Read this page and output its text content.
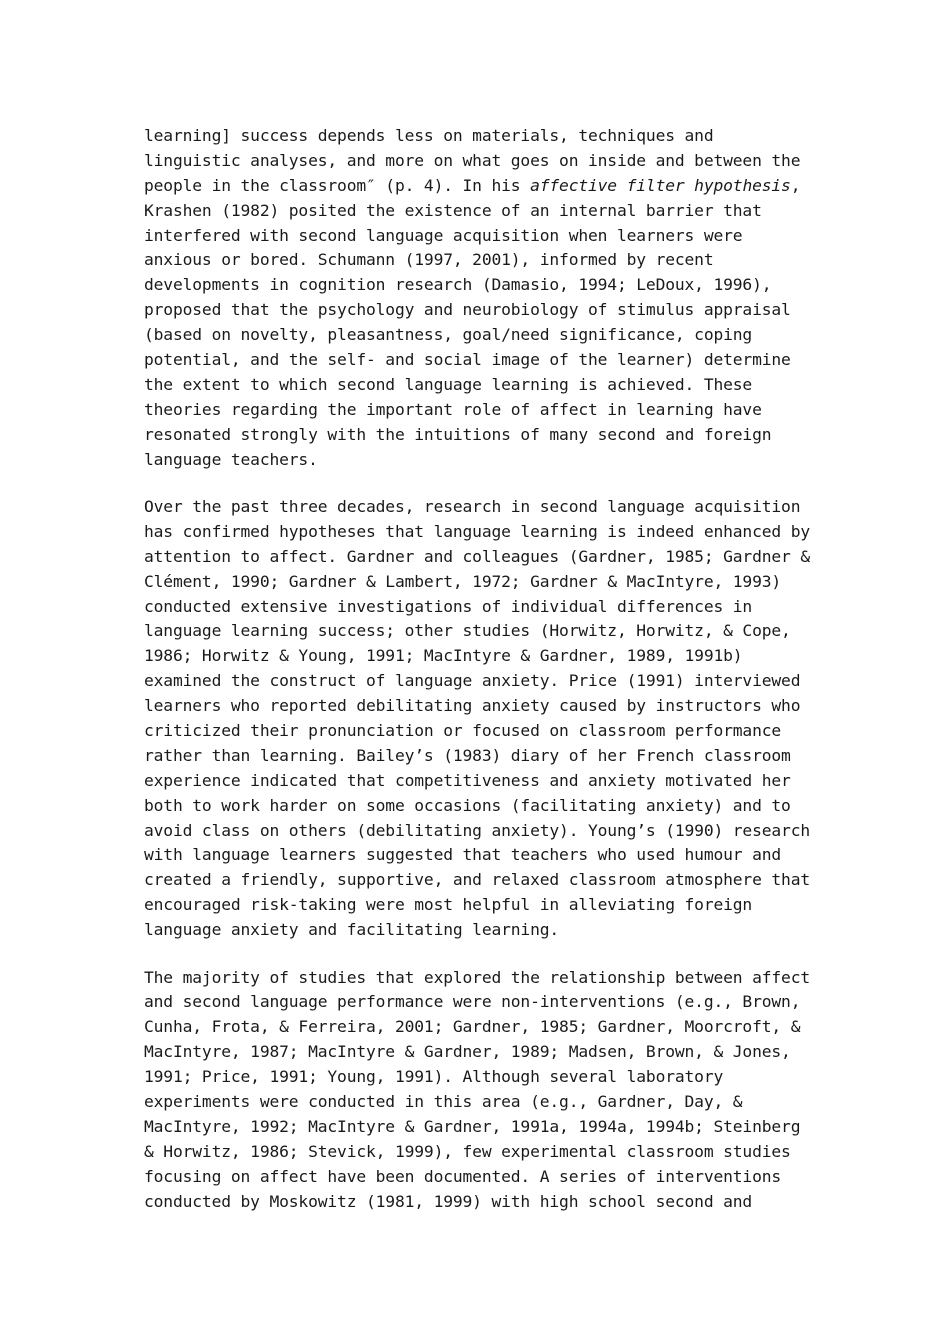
learning] success depends less on materials, techniques and
linguistic analyses, and more on what goes on inside and between the
people in the classroom″ (p. 4). In his affective filter hypothesis,
Krashen (1982) posited the existence of an internal barrier that
interfered with second language acquisition when learners were
anxious or bored. Schumann (1997, 2001), informed by recent
developments in cognition research (Damasio, 1994; LeDoux, 1996),
proposed that the psychology and neurobiology of stimulus appraisal
(based on novelty, pleasantness, goal/need significance, coping
potential, and the self- and social image of the learner) determine
the extent to which second language learning is achieved. These
theories regarding the important role of affect in learning have
resonated strongly with the intuitions of many second and foreign
language teachers.
Over the past three decades, research in second language acquisition
has confirmed hypotheses that language learning is indeed enhanced by
attention to affect. Gardner and colleagues (Gardner, 1985; Gardner &
Clément, 1990; Gardner & Lambert, 1972; Gardner & MacIntyre, 1993)
conducted extensive investigations of individual differences in
language learning success; other studies (Horwitz, Horwitz, & Cope,
1986; Horwitz & Young, 1991; MacIntyre & Gardner, 1989, 1991b)
examined the construct of language anxiety. Price (1991) interviewed
learners who reported debilitating anxiety caused by instructors who
criticized their pronunciation or focused on classroom performance
rather than learning. Bailey’s (1983) diary of her French classroom
experience indicated that competitiveness and anxiety motivated her
both to work harder on some occasions (facilitating anxiety) and to
avoid class on others (debilitating anxiety). Young’s (1990) research
with language learners suggested that teachers who used humour and
created a friendly, supportive, and relaxed classroom atmosphere that
encouraged risk-taking were most helpful in alleviating foreign
language anxiety and facilitating learning.
The majority of studies that explored the relationship between affect
and second language performance were non-interventions (e.g., Brown,
Cunha, Frota, & Ferreira, 2001; Gardner, 1985; Gardner, Moorcroft, &
MacIntyre, 1987; MacIntyre & Gardner, 1989; Madsen, Brown, & Jones,
1991; Price, 1991; Young, 1991). Although several laboratory
experiments were conducted in this area (e.g., Gardner, Day, &
MacIntyre, 1992; MacIntyre & Gardner, 1991a, 1994a, 1994b; Steinberg
& Horwitz, 1986; Stevick, 1999), few experimental classroom studies
focusing on affect have been documented. A series of interventions
conducted by Moskowitz (1981, 1999) with high school second and
